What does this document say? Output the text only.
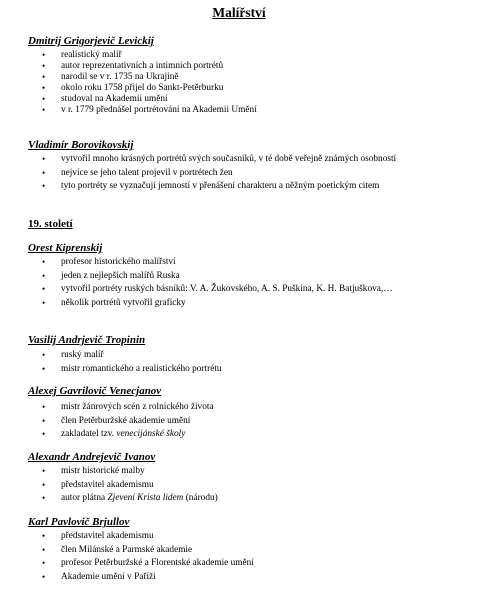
Malířství
Dmitrij Grigorjevič Levickij
• realistický malíř
• autor reprezentativních a intimních portrétů
• narodil se v r. 1735 na Ukrajině
• okolo roku 1758 přijel do Sankt-Petěrburku
• studoval na Akademii umění
• v r. 1779 přednášel portrétování na Akademii Umění
Vladimír Borovikovskij
• vytvořil mnoho krásných portrétů svých současníků, v té době veřejně známých osobností
• nejvíce se jeho talent projevil v portrétech žen
• tyto portréty se vyznačují jemností v přenášení charakteru a něžným poetickým citem
19. století
Orest Kiprenskij
• profesor historického malířství
• jeden z nejlepších malířů Ruska
• vytvořil portréty ruských básníků: V. A. Žukovského, A. S. Puškina, K. H. Batjuškova,…
• několik portrétů vytvořil graficky
Vasilij Andrjevič Tropinin
• ruský malíř
• mistr romantického a realistického portrétu
Alexej Gavrilovič Venecjanov
• mistr žánrových scén z rolnického života
• člen Petěrburžské akademie umění
• zakladatel tzv. venecijánské školy
Alexandr Andrejevič Ivanov
• mistr historické malby
• představitel akademismu
• autor plátna Zjevení Krista lidem (národu)
Karl Pavlovič Brjullov
• představitel akademismu
• člen Milánské a Parmské akademie
• profesor Petěrburžské a Florentské akademie umění
• Akademie umění v Paříži
